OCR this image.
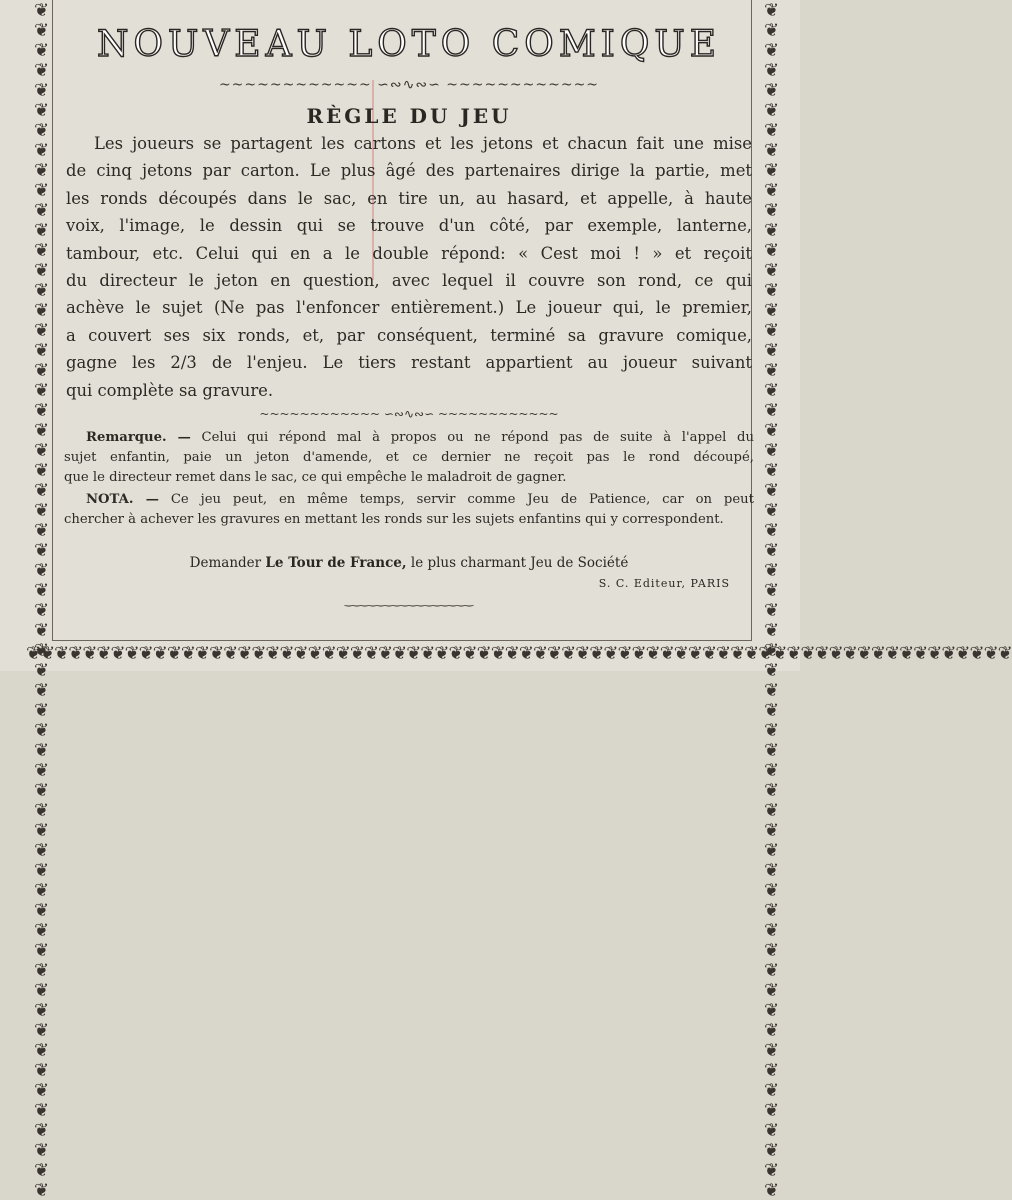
❦❦❦❦❦❦❦❦❦❦❦❦❦❦❦❦❦❦❦❦❦❦❦❦❦❦❦❦❦❦❦❦❦❦❦❦❦❦❦❦❦❦❦❦❦❦❦❦❦❦❦❦❦❦❦❦❦❦❦❦	❦❦❦❦❦❦❦❦❦❦❦❦❦❦❦❦❦❦❦❦❦❦❦❦❦❦❦❦❦❦❦❦❦❦❦❦❦❦❦❦❦❦❦❦❦❦❦❦❦❦❦❦❦❦❦❦❦❦❦❦
❦❦❦❦❦❦❦❦❦❦❦❦❦❦❦❦❦❦❦❦❦❦❦❦❦❦❦❦❦❦❦❦❦❦❦❦❦❦❦❦❦❦❦❦❦❦❦❦❦❦❦❦❦❦❦❦❦❦❦❦❦❦❦❦❦❦❦❦❦❦
NOUVEAU LOTO COMIQUE
~~~~~~~~~~~~ ∽∾∿∾∽ ~~~~~~~~~~~~
RÈGLE DU JEU
Les joueurs se partagent les cartons et les jetons et chacun fait une mise
de cinq jetons par carton. Le plus âgé des partenaires dirige la partie, met
les ronds découpés dans le sac, en tire un, au hasard, et appelle, à haute
voix, l'image, le dessin qui se trouve d'un côté, par exemple, lanterne,
tambour, etc. Celui qui en a le double répond: « Cest moi ! » et reçoit
du directeur le jeton en question, avec lequel il couvre son rond, ce qui
achève le sujet (Ne pas l'enfoncer entièrement.) Le joueur qui, le premier,
a couvert ses six ronds, et, par conséquent, terminé sa gravure comique,
gagne les 2/3 de l'enjeu. Le tiers restant appartient au joueur suivant
qui complète sa gravure.
~~~~~~~~~~~~ ∽∾∿∾∽ ~~~~~~~~~~~~
Remarque. — Celui qui répond mal à propos ou ne répond pas de suite à l'appel du
sujet enfantin, paie un jeton d'amende, et ce dernier ne reçoit pas le rond découpé,
que le directeur remet dans le sac, ce qui empêche le maladroit de gagner.
NOTA. — Ce jeu peut, en même temps, servir comme Jeu de Patience, car on peut
chercher à achever les gravures en mettant les ronds sur les sujets enfantins qui y correspondent.
Demander Le Tour de France, le plus charmant Jeu de Société
S. C. Editeur, PARIS
‿‿‿‿‿‿‿‿‿‿‿‿‿‿‿‿
